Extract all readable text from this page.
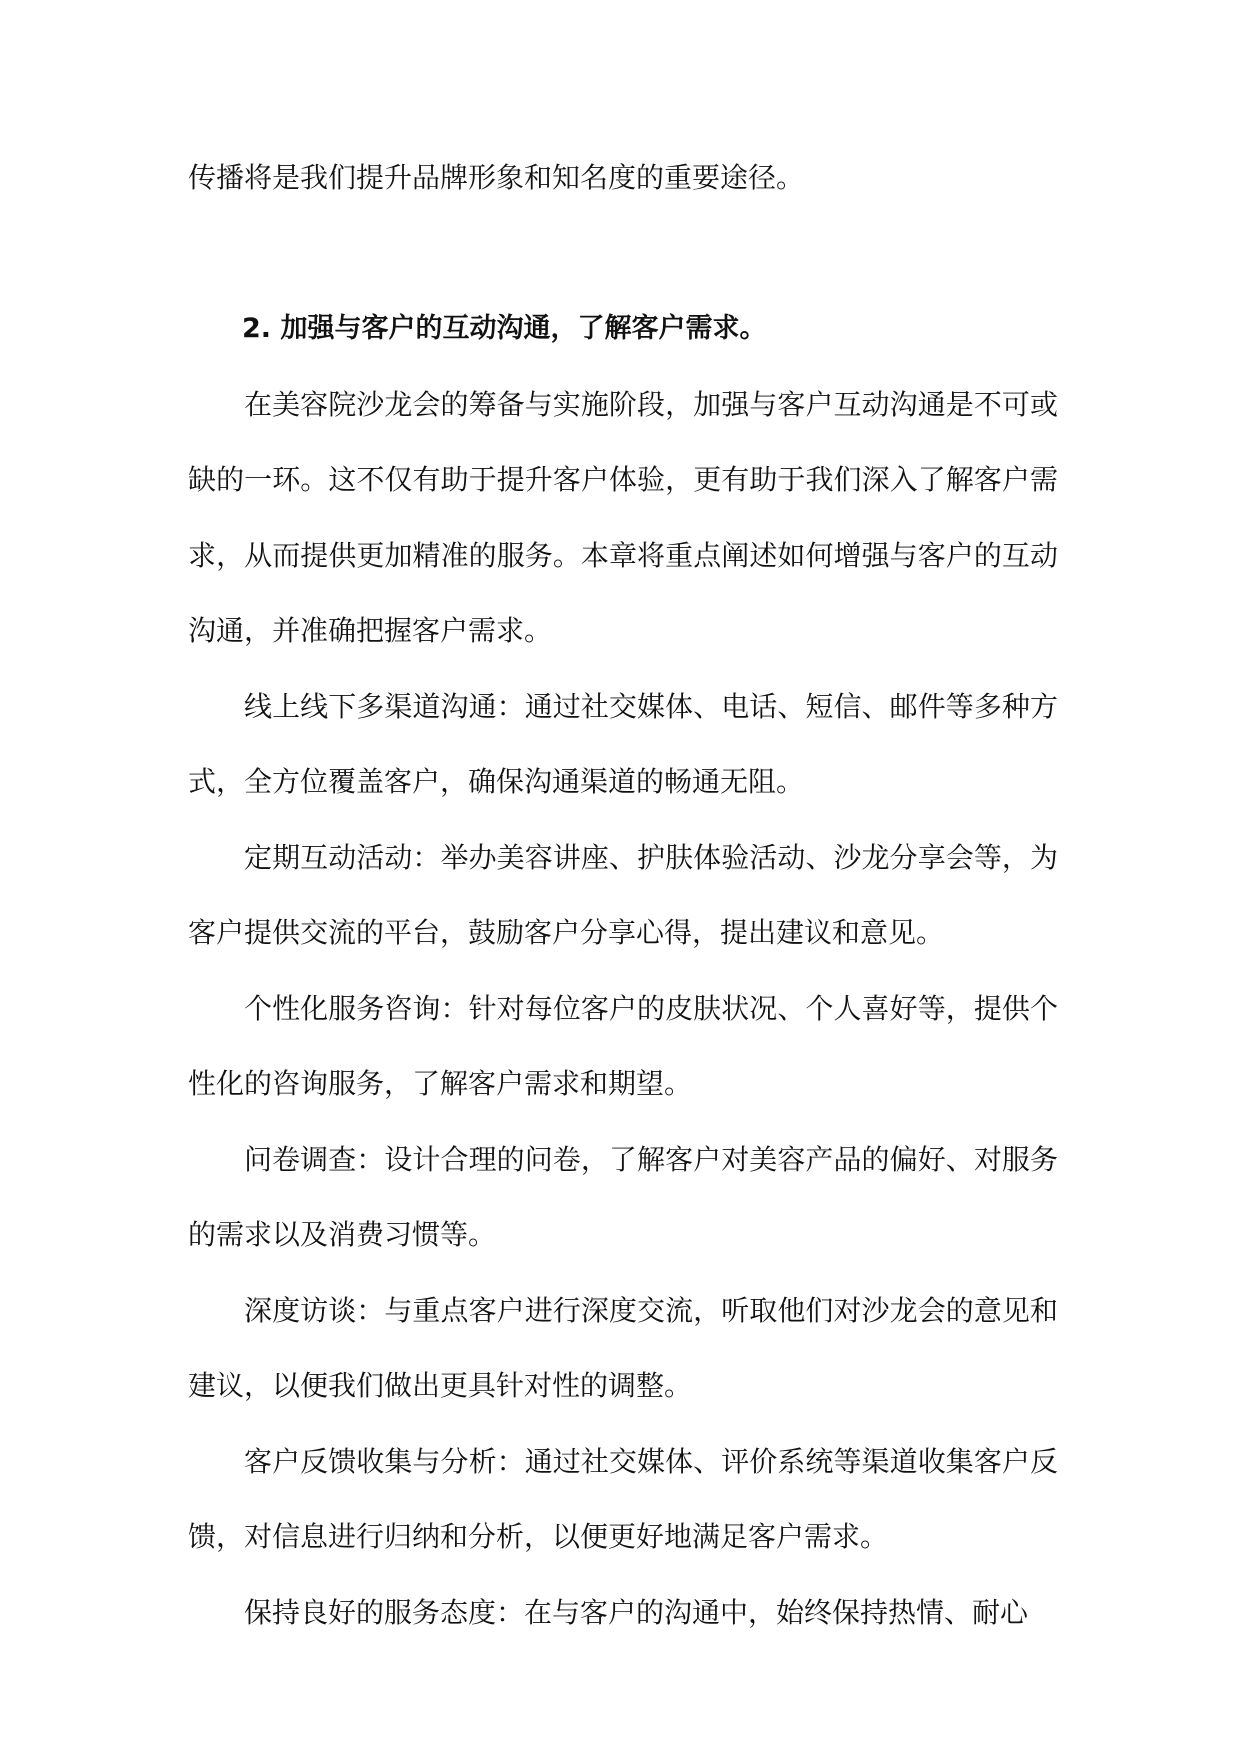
传播将是我们提升品牌形象和知名度的重要途径。

2. 加强与客户的互动沟通，了解客户需求。

在美容院沙龙会的筹备与实施阶段，加强与客户互动沟通是不可或缺的一环。这不仅有助于提升客户体验，更有助于我们深入了解客户需求，从而提供更加精准的服务。本章将重点阐述如何增强与客户的互动沟通，并准确把握客户需求。

线上线下多渠道沟通：通过社交媒体、电话、短信、邮件等多种方式，全方位覆盖客户，确保沟通渠道的畅通无阻。

定期互动活动：举办美容讲座、护肤体验活动、沙龙分享会等，为客户提供交流的平台，鼓励客户分享心得，提出建议和意见。

个性化服务咨询：针对每位客户的皮肤状况、个人喜好等，提供个性化的咨询服务，了解客户需求和期望。

问卷调查：设计合理的问卷，了解客户对美容产品的偏好、对服务的需求以及消费习惯等。

深度访谈：与重点客户进行深度交流，听取他们对沙龙会的意见和建议，以便我们做出更具针对性的调整。

客户反馈收集与分析：通过社交媒体、评价系统等渠道收集客户反馈，对信息进行归纳和分析，以便更好地满足客户需求。

保持良好的服务态度：在与客户的沟通中，始终保持热情、耐心
